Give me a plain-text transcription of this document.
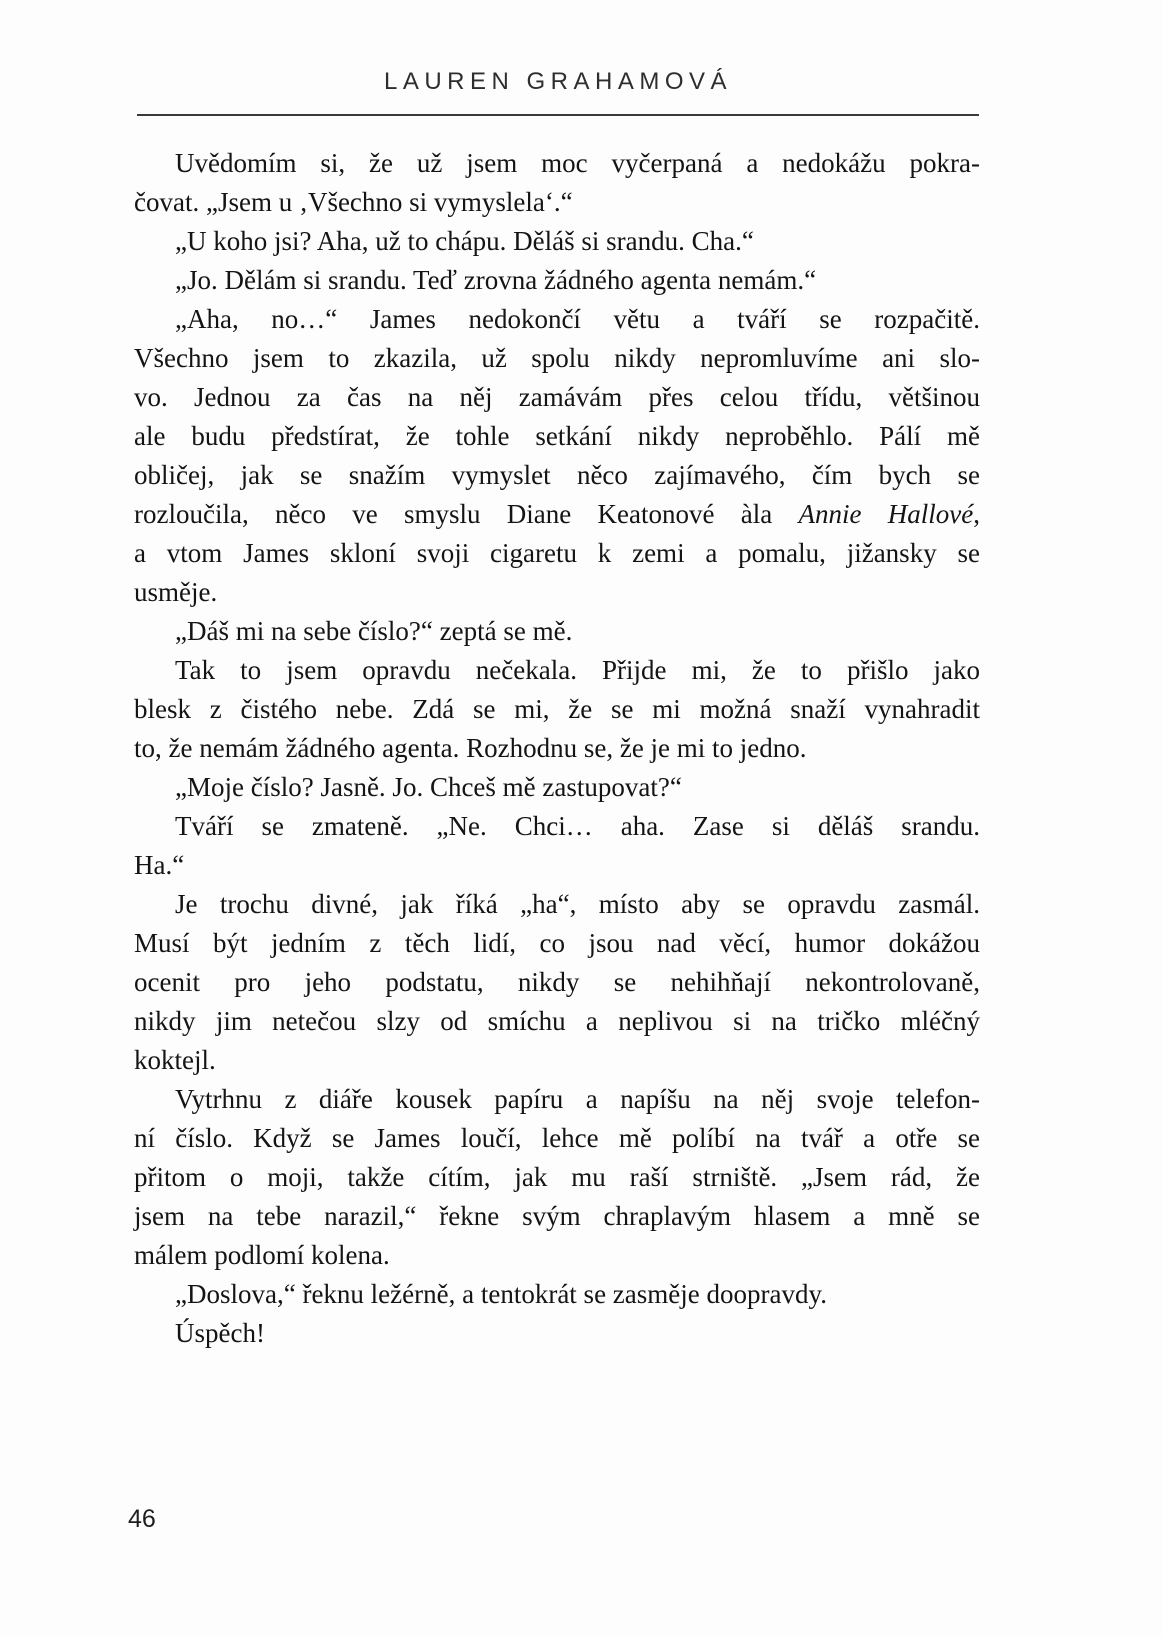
LAUREN GRAHAMOVÁ
Uvědomím si, že už jsem moc vyčerpaná a nedokážu pokra-
čovat. „Jsem u ‚Všechno si vymyslela‘.“
„U koho jsi? Aha, už to chápu. Děláš si srandu. Cha.“
„Jo. Dělám si srandu. Teď zrovna žádného agenta nemám.“
„Aha, no…“ James nedokončí větu a tváří se rozpačitě.
Všechno jsem to zkazila, už spolu nikdy nepromluvíme ani slo-
vo. Jednou za čas na něj zamávám přes celou třídu, většinou
ale budu předstírat, že tohle setkání nikdy neproběhlo. Pálí mě
obličej, jak se snažím vymyslet něco zajímavého, čím bych se
rozloučila, něco ve smyslu Diane Keatonové àla Annie Hallové,
a vtom James skloní svoji cigaretu k zemi a pomalu, jižansky se
usměje.
„Dáš mi na sebe číslo?“ zeptá se mě.
Tak to jsem opravdu nečekala. Přijde mi, že to přišlo jako
blesk z čistého nebe. Zdá se mi, že se mi možná snaží vynahradit
to, že nemám žádného agenta. Rozhodnu se, že je mi to jedno.
„Moje číslo? Jasně. Jo. Chceš mě zastupovat?“
Tváří se zmateně. „Ne. Chci… aha. Zase si děláš srandu.
Ha.“
Je trochu divné, jak říká „ha“, místo aby se opravdu zasmál.
Musí být jedním z těch lidí, co jsou nad věcí, humor dokážou
ocenit pro jeho podstatu, nikdy se nehihňají nekontrolovaně,
nikdy jim netečou slzy od smíchu a neplivou si na tričko mléčný
koktejl.
Vytrhnu z diáře kousek papíru a napíšu na něj svoje telefon-
ní číslo. Když se James loučí, lehce mě políbí na tvář a otře se
přitom o moji, takže cítím, jak mu raší strniště. „Jsem rád, že
jsem na tebe narazil,“ řekne svým chraplavým hlasem a mně se
málem podlomí kolena.
„Doslova,“ řeknu ležérně, a tentokrát se zasměje doopravdy.
Úspěch!
46
